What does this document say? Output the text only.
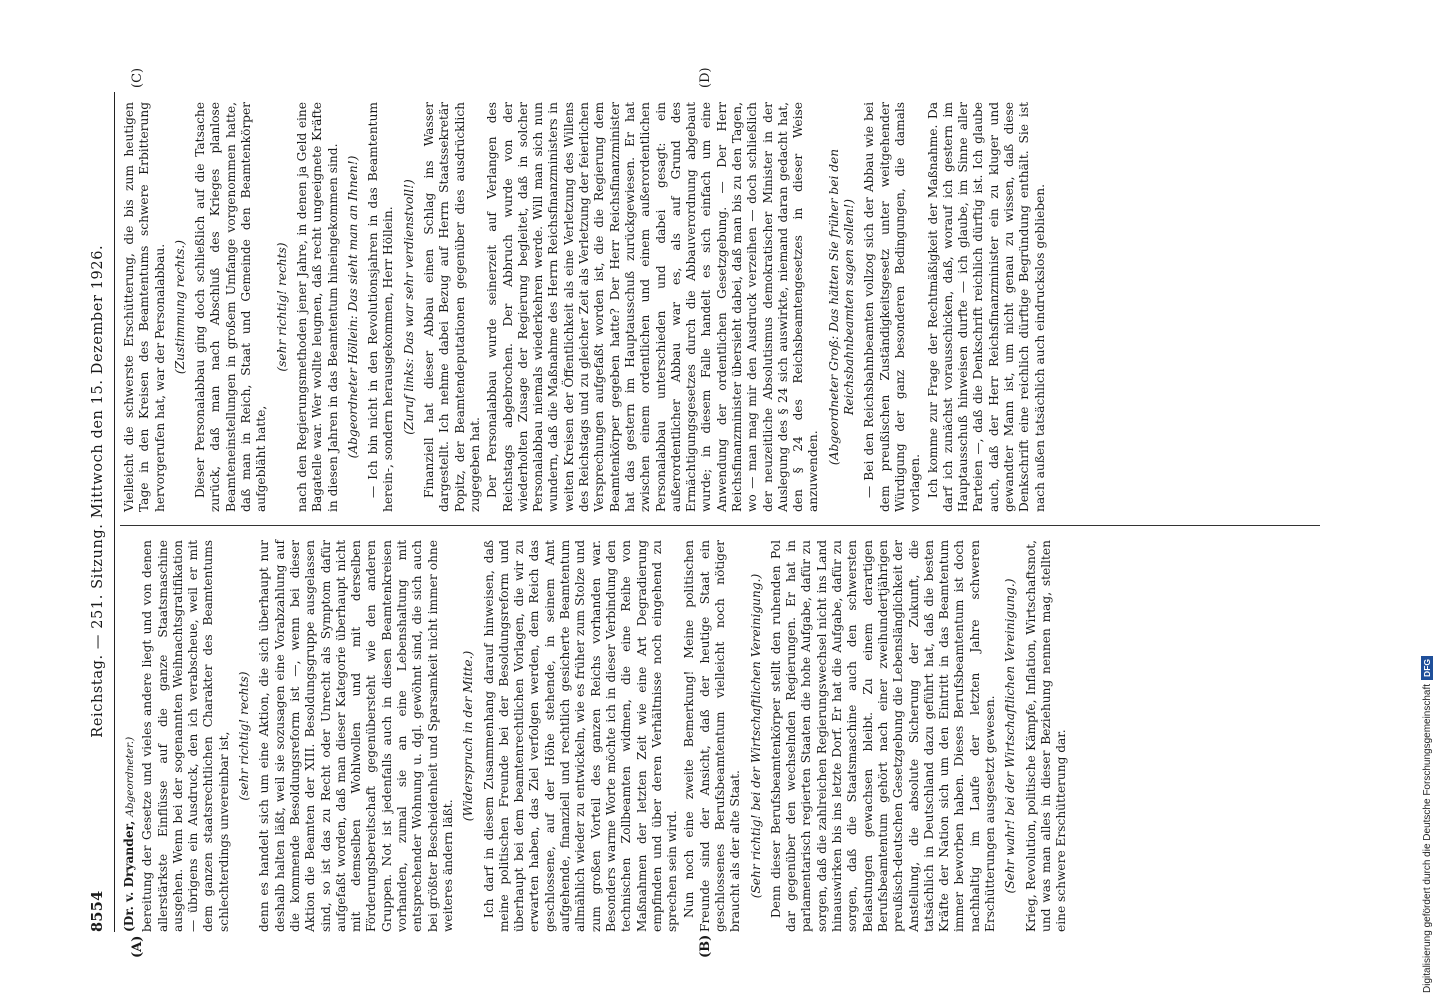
8554
Reichstag. — 251. Sitzung. Mittwoch den 15. Dezember 1926.
(A)	(B)
(C)	(D)

(Dr. v. Dryander, Abgeordneter.) bereitung der Gesetze und vieles andere liegt und von denen allerstärkste Einflüsse auf die ganze Staatsmaschine ausgehen. Wenn bei der sogenannten Weihnachtsgratifikation — übrigens ein Ausdruck, den ich verabscheue, weil er mit dem ganzen staatsrechtlichen Charakter des Beamtentums schlechterdings unvereinbar ist, (sehr richtig! rechts) denn es handelt sich um eine Aktion, die sich überhaupt nur deshalb halten läßt, weil sie sozusagen eine Vorabzahlung auf die kommende Besoldungsreform ist —, wenn bei dieser Aktion die Beamten der XIII. Besoldungsgruppe ausgelassen sind, so ist das zu Recht oder Unrecht als Symptom dafür aufgefaßt worden, daß man dieser Kategorie überhaupt nicht mit demselben Wohlwollen und mit derselben Förderungsbereitschaft gegenübersteht wie den anderen Gruppen. Not ist jedenfalls auch in diesen Beamtenkreisen vorhanden, zumal sie an eine Lebenshaltung mit entsprechender Wohnung u. dgl. gewöhnt sind, die sich auch bei größter Bescheidenheit und Sparsamkeit nicht immer ohne weiteres ändern läßt.

(Widerspruch in der Mitte.) Ich darf in diesem Zusammenhang darauf hinweisen, daß meine politischen Freunde bei der Besoldungsreform und überhaupt bei dem beamtenrechtlichen Vorlagen, die wir zu erwarten haben, das Ziel verfolgen werden, dem Reich das geschlossene, auf der Höhe stehende, in seinem Amt aufgehende, finanziell und rechtlich gesicherte Beamtentum allmählich wieder zu entwickeln, wie es früher zum Stolze und zum großen Vorteil des ganzen Reichs vorhanden war. Besonders warme Worte möchte ich in dieser Verbindung den technischen Zollbeamten widmen, die eine Reihe von Maßnahmen der letzten Zeit wie eine Art Degradierung empfinden und über deren Verhältnisse noch eingehend zu sprechen sein wird. Nun noch eine zweite Bemerkung! Meine politischen Freunde sind der Ansicht, daß der heutige Staat ein geschlossenes Berufsbeamtentum vielleicht noch nötiger braucht als der alte Staat. (Sehr richtig! bei der Wirtschaftlichen Vereinigung.) Denn dieser Berufsbeamtenkörper stellt den ruhenden Pol dar gegenüber den wechselnden Regierungen. Er hat in parlamentarisch regierten Staaten die hohe Aufgabe, dafür zu sorgen, daß die zahlreichen Regierungswechsel nicht ins Land hinauswirken bis ins letzte Dorf. Er hat die Aufgabe, dafür zu sorgen, daß die Staatsmaschine auch den schwersten Belastungen gewachsen bleibt. Zu einem derartigen Berufsbeamtentum gehört nach einer zweihundertjährigen preußisch-deutschen Gesetzgebung die Lebenslänglichkeit der Anstellung, die absolute Sicherung der Zukunft, die tatsächlich in Deutschland dazu geführt hat, daß die besten Kräfte der Nation sich um den Eintritt in das Beamtentum immer beworben haben. Dieses Berufsbeamtentum ist doch nachhaltig im Laufe der letzten Jahre schweren Erschütterungen ausgesetzt gewesen. (Sehr wahr! bei der Wirtschaftlichen Vereinigung.) Krieg, Revolution, politische Kämpfe, Inflation, Wirtschaftsnot, und was man alles in dieser Beziehung nennen mag, stellten eine schwere Erschütterung dar.

Vielleicht die schwerste Erschütterung, die bis zum heutigen Tage in den Kreisen des Beamtentums schwere Erbitterung hervorgerufen hat, war der Personalabbau. (Zustimmung rechts.) Dieser Personalabbau ging doch schließlich auf die Tatsache zurück, daß man nach Abschluß des Krieges planlose Beamteneinstellungen in großem Umfange vorgenommen hatte, daß man in Reich, Staat und Gemeinde den Beamtenkörper aufgebläht hatte,

(sehr richtig! rechts) nach den Regierungsmethoden jener Jahre, in denen ja Geld eine Bagatelle war. Wer wollte leugnen, daß recht ungeeignete Kräfte in diesen Jahren in das Beamtentum hineingekommen sind. (Abgeordneter Höllein: Das sieht man an Ihnen!) — Ich bin nicht in den Revolutionsjahren in das Beamtentum herein-, sondern herausgekommen, Herr Höllein. (Zuruf links: Das war sehr verdienstvoll!) Finanziell hat dieser Abbau einen Schlag ins Wasser dargestellt. Ich nehme dabei Bezug auf Herrn Staatssekretär Popitz, der Beamtendeputationen gegenüber dies ausdrücklich zugegeben hat. Der Personalabbau wurde seinerzeit auf Verlangen des Reichstags abgebrochen. Der Abbruch wurde von der wiederholten Zusage der Regierung begleitet, daß in solcher Personalabbau niemals wiederkehren werde. Will man sich nun wundern, daß die Maßnahme des Herrn Reichsfinanzministers in weiten Kreisen der Öffentlichkeit als eine Verletzung des Willens des Reichstags und zu gleicher Zeit als Verletzung der feierlichen Versprechungen aufgefaßt worden ist, die die Regierung dem Beamtenkörper gegeben hatte? Der Herr Reichsfinanzminister hat das gestern im Hauptausschuß zurückgewiesen. Er hat zwischen einem ordentlichen und einem außerordentlichen Personalabbau unterschieden und dabei gesagt: ein außerordentlicher Abbau war es, als auf Grund des Ermächtigungsgesetzes durch die Abbauverordnung abgebaut wurde; in diesem Falle handelt es sich einfach um eine Anwendung der ordentlichen Gesetzgebung. — Der Herr Reichsfinanzminister übersieht dabei, daß man bis zu den Tagen, wo — man mag mir den Ausdruck verzeihen — doch schließlich der neuzeitliche Absolutismus demokratischer Minister in der Auslegung des § 24 sich auswirkte, niemand daran gedacht hat, den § 24 des Reichsbeamtengesetzes in dieser Weise anzuwenden.

(Abgeordneter Groß: Das hätten Sie früher bei den Reichsbahnbeamten sagen sollen!) — Bei den Reichsbahnbeamten vollzog sich der Abbau wie bei dem preußischen Zuständigkeitsgesetz unter weitgehender Würdigung der ganz besonderen Bedingungen, die damals vorlagen. Ich komme zur Frage der Rechtmäßigkeit der Maßnahme. Da darf ich zunächst vorausschicken, daß, worauf ich gestern im Hauptausschuß hinweisen durfte — ich glaube, im Sinne aller Parteien —, daß die Denkschrift reichlich dürftig ist. Ich glaube auch, daß der Herr Reichsfinanzminister ein zu kluger und gewandter Mann ist, um nicht genau zu wissen, daß diese Denkschrift eine reichlich dürftige Begründung enthält. Sie ist nach außen tatsächlich auch eindruckslos geblieben.

Digitalisierung gefördert durch die Deutsche Forschungsgemeinschaft
DFG
